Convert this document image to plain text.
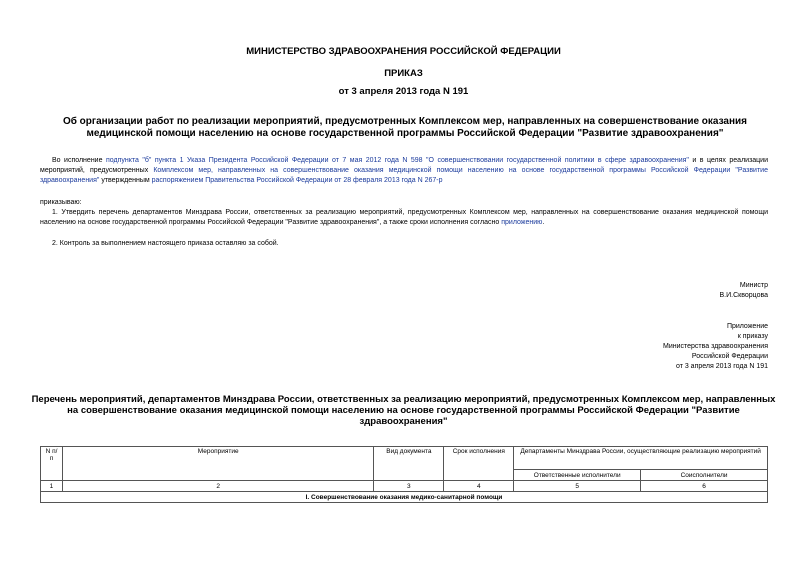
МИНИСТЕРСТВО ЗДРАВООХРАНЕНИЯ РОССИЙСКОЙ ФЕДЕРАЦИИ
ПРИКАЗ
от 3 апреля 2013 года N 191
Об организации работ по реализации мероприятий, предусмотренных Комплексом мер, направленных на совершенствование оказания медицинской помощи населению на основе государственной программы Российской Федерации "Развитие здравоохранения"
Во исполнение подпункта "б" пункта 1 Указа Президента Российской Федерации от 7 мая 2012 года N 598 "О совершенствовании государственной политики в сфере здравоохранения" и в целях реализации мероприятий, предусмотренных Комплексом мер, направленных на совершенствование оказания медицинской помощи населению на основе государственной программы Российской Федерации "Развитие здравоохранения" утвержденным распоряжением Правительства Российской Федерации от 28 февраля 2013 года N 267-р
приказываю:
1. Утвердить перечень департаментов Минздрава России, ответственных за реализацию мероприятий, предусмотренных Комплексом мер, направленных на совершенствование оказания медицинской помощи населению на основе государственной программы Российской Федерации "Развитие здравоохранения", а также сроки исполнения согласно приложению.
2. Контроль за выполнением настоящего приказа оставляю за собой.
Министр
В.И.Скворцова
Приложение
к приказу
Министерства здравоохранения
Российской Федерации
от 3 апреля 2013 года N 191
Перечень мероприятий, департаментов Минздрава России, ответственных за реализацию мероприятий, предусмотренных Комплексом мер, направленных на совершенствование оказания медицинской помощи населению на основе государственной программы Российской Федерации "Развитие здравоохранения"
N п/п	Мероприятие	Вид документа	Срок исполнения	Департаменты Минздрава России, осуществляющие реализацию мероприятий	
				Ответственные исполнители	Соисполнители
1	2	3	4	5	6
I. Совершенствование оказания медико-санитарной помощи					
